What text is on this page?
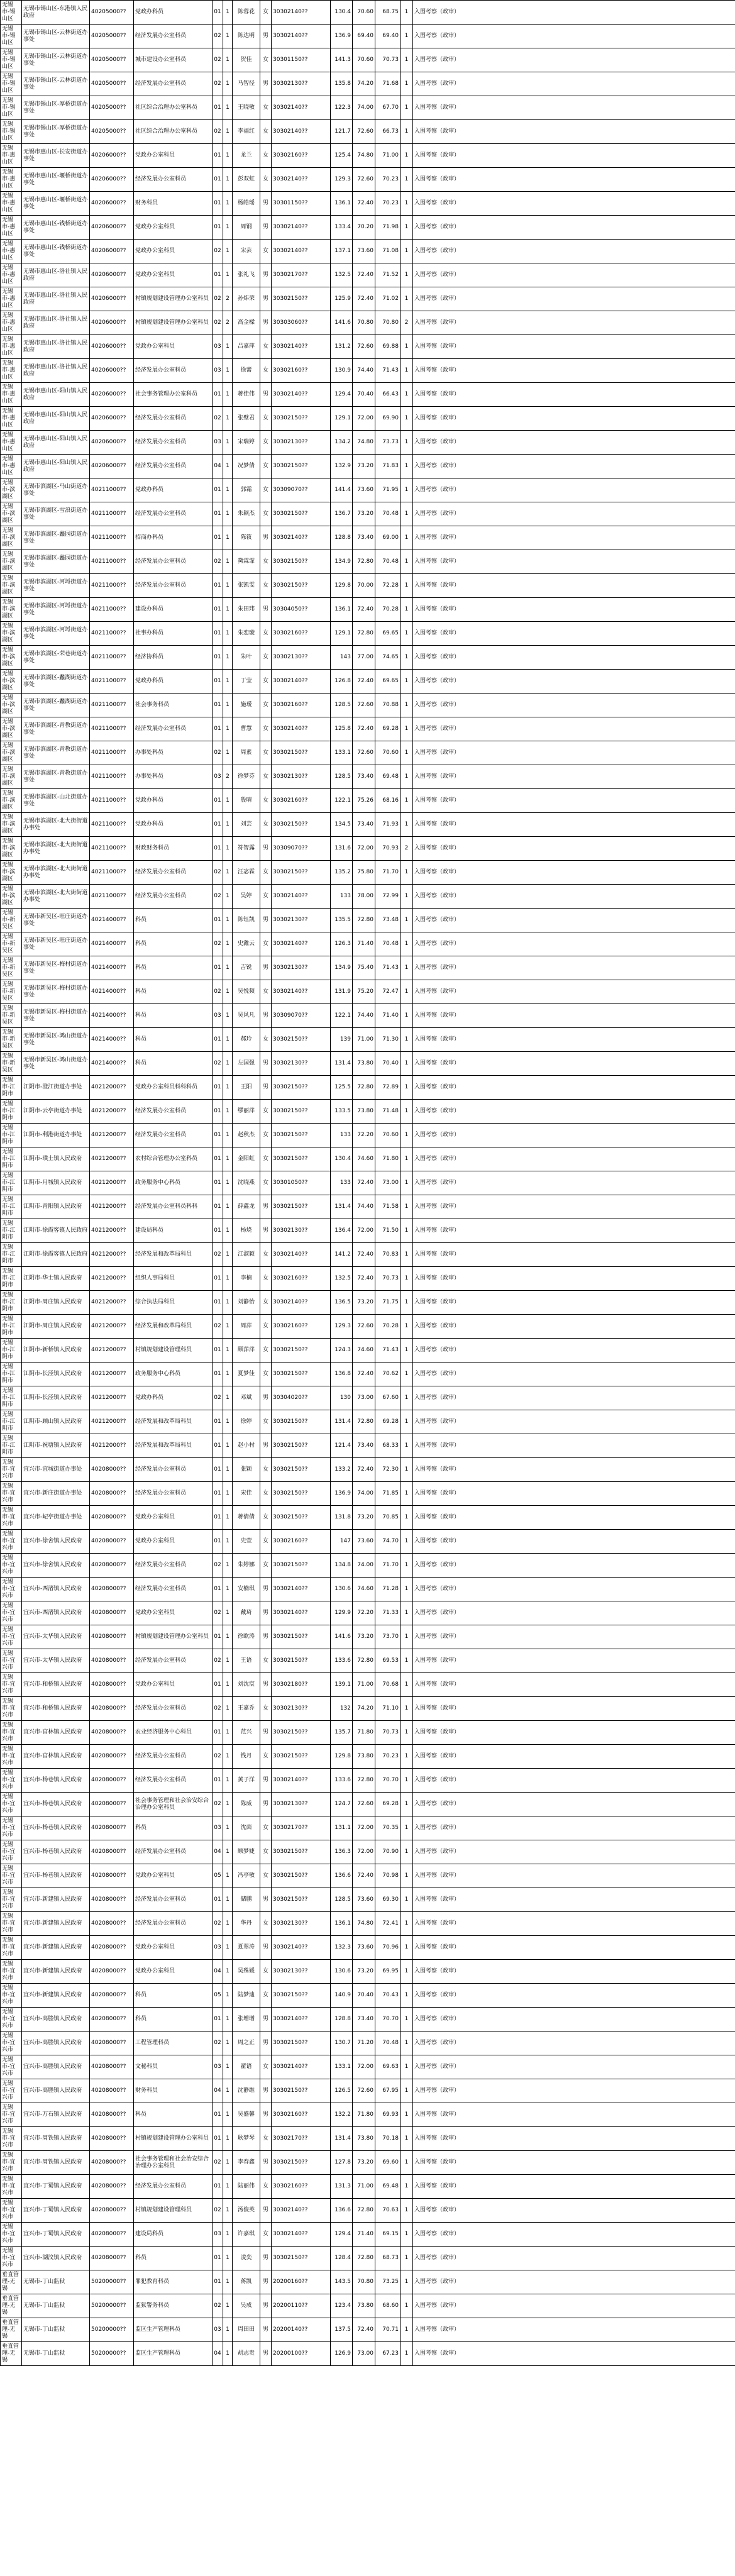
无锡市-锡山区	无锡市锡山区-东港镇人民政府	40205000??	党政办科员	01	1	陈蓉花	女	30302140??	130.4	70.60	68.75	1	入围考察（政审）
无锡市-锡山区	无锡市锡山区-云林街道办事处	40205000??	经济发展办公室科员	02	1	陈达明	男	30302140??	136.9	69.40	69.40	1	入围考察（政审）
无锡市-锡山区	无锡市锡山区-云林街道办事处	40205000??	城市建设办公室科员	02	1	贺佳	女	30301150??	141.3	70.60	70.73	1	入围考察（政审）
无锡市-锡山区	无锡市锡山区-云林街道办事处	40205000??	经济发展办公室科员	02	1	马智径	男	30302130??	135.8	74.20	71.68	1	入围考察（政审）
无锡市-锡山区	无锡市锡山区-厚桥街道办事处	40205000??	社区综合治理办公室科员	01	1	王晓敏	女	30302140??	122.3	74.00	67.70	1	入围考察（政审）
无锡市-锡山区	无锡市锡山区-厚桥街道办事处	40205000??	社区综合治理办公室科员	02	1	李福红	女	30302140??	121.7	72.60	66.73	1	入围考察（政审）
无锡市-惠山区	无锡市惠山区-长安街道办事处	40206000??	党政办公室科员	01	1	龙兰	女	30302160??	125.4	74.80	71.00	1	入围考察（政审）
无锡市-惠山区	无锡市惠山区-堰桥街道办事处	40206000??	经济发展办公室科员	01	1	彭双虹	女	30302140??	129.3	72.60	70.23	1	入围考察（政审）
无锡市-惠山区	无锡市惠山区-堰桥街道办事处	40206000??	财务科员	01	1	杨皓瑶	男	30301150??	136.1	72.40	70.23	1	入围考察（政审）
无锡市-惠山区	无锡市惠山区-钱桥街道办事处	40206000??	党政办公室科员	01	1	周钢	男	30302140??	133.4	70.20	71.98	1	入围考察（政审）
无锡市-惠山区	无锡市惠山区-钱桥街道办事处	40206000??	党政办公室科员	02	1	宋芸	女	30302140??	137.1	73.60	71.08	1	入围考察（政审）
无锡市-惠山区	无锡市惠山区-洛社镇人民政府	40206000??	党政办公室科员	01	1	张礼飞	男	30302170??	132.5	72.40	71.52	1	入围考察（政审）
无锡市-惠山区	无锡市惠山区-洛社镇人民政府	40206000??	村镇规划建设管理办公室科员	02	2	孙炜荣	男	30302150??	125.9	72.40	71.02	1	入围考察（政审）
无锡市-惠山区	无锡市惠山区-洛社镇人民政府	40206000??	村镇规划建设管理办公室科员	02	2	高金樑	男	30303060??	141.6	70.80	70.80	2	入围考察（政审）
无锡市-惠山区	无锡市惠山区-洛社镇人民政府	40206000??	党政办公室科员	03	1	吕嘉萍	女	30302140??	131.2	72.60	69.88	1	入围考察（政审）
无锡市-惠山区	无锡市惠山区-洛社镇人民政府	40206000??	经济发展办公室科员	03	1	徐薷	女	30302160??	130.9	74.40	71.43	1	入围考察（政审）
无锡市-惠山区	无锡市惠山区-阳山镇人民政府	40206000??	社会事务管理办公室科员	01	1	蒋佳伟	男	30302140??	129.4	70.40	66.43	1	入围考察（政审）
无锡市-惠山区	无锡市惠山区-阳山镇人民政府	40206000??	经济发展办公室科员	02	1	张壁君	女	30302150??	129.1	72.00	69.90	1	入围考察（政审）
无锡市-惠山区	无锡市惠山区-阳山镇人民政府	40206000??	经济发展办公室科员	03	1	宋瑞婷	女	30302130??	134.2	74.80	73.73	1	入围考察（政审）
无锡市-惠山区	无锡市惠山区-阳山镇人民政府	40206000??	经济发展办公室科员	04	1	况梦倩	女	30302150??	132.9	73.20	71.83	1	入围考察（政审）
无锡市-滨湖区	无锡市滨湖区-马山街道办事处	40211000??	党政办科员	01	1	郭霜	女	30309070??	141.4	73.60	71.95	1	入围考察（政审）
无锡市-滨湖区	无锡市滨湖区-雪浪街道办事处	40211000??	经济发展办公室科员	01	1	朱颖杰	女	30302150??	136.7	73.20	70.48	1	入围考察（政审）
无锡市-滨湖区	无锡市滨湖区-蠡园街道办事处	40211000??	招商办科员	01	1	陈筱	男	30302140??	128.8	73.40	69.00	1	入围考察（政审）
无锡市-滨湖区	无锡市滨湖区-蠡园街道办事处	40211000??	经济发展办公室科员	02	1	黛霖霏	女	30302150??	134.9	72.80	70.48	1	入围考察（政审）
无锡市-滨湖区	无锡市滨湖区-河埒街道办事处	40211000??	经济发展办公室科员	01	1	张凯雯	女	30302150??	129.8	70.00	72.28	1	入围考察（政审）
无锡市-滨湖区	无锡市滨湖区-河埒街道办事处	40211000??	建设办科员	01	1	朱田玮	男	30304050??	136.1	72.40	70.28	1	入围考察（政审）
无锡市-滨湖区	无锡市滨湖区-河埒街道办事处	40211000??	社事办科员	01	1	朱恋璇	女	30302160??	129.1	72.80	69.65	1	入围考察（政审）
无锡市-滨湖区	无锡市滨湖区-荣巷街道办事处	40211000??	经济协科员	01	1	朱叶	女	30302130??	143	77.00	74.65	1	入围考察（政审）
无锡市-滨湖区	无锡市滨湖区-蠡湖街道办事处	40211000??	党政办科员	01	1	丁莹	女	30302140??	126.8	72.40	69.65	1	入围考察（政审）
无锡市-滨湖区	无锡市滨湖区-蠡湖街道办事处	40211000??	社会事务科员	01	1	施瑷	女	30302160??	128.5	72.60	70.88	1	入围考察（政审）
无锡市-滨湖区	无锡市滨湖区-青教街道办事处	40211000??	经济发展办公室科员	01	1	曹慧	女	30302140??	125.8	72.40	69.28	1	入围考察（政审）
无锡市-滨湖区	无锡市滨湖区-青教街道办事处	40211000??	办事处科员	02	1	周素	女	30302150??	133.1	72.60	70.60	1	入围考察（政审）
无锡市-滨湖区	无锡市滨湖区-青教街道办事处	40211000??	办事处科员	03	2	徐梦芬	女	30302130??	128.5	73.40	69.48	1	入围考察（政审）
无锡市-滨湖区	无锡市滨湖区-山北街道办事处	40211000??	党政办科员	01	1	殷晴	女	30302160??	122.1	75.26	68.16	1	入围考察（政审）
无锡市-滨湖区	无锡市滨湖区-北大街街道办事处	40211000??	党政办科员	01	1	刘芸	女	30302150??	134.5	73.40	71.93	1	入围考察（政审）
无锡市-滨湖区	无锡市滨湖区-北大街街道办事处	40211000??	财政财务科员	01	1	符智露	男	30309070??	131.6	72.00	70.93	2	入围考察（政审）
无锡市-滨湖区	无锡市滨湖区-北大街街道办事处	40211000??	经济发展办公室科员	02	1	汪宓霖	女	30302150??	135.2	75.80	71.70	1	入围考察（政审）
无锡市-滨湖区	无锡市滨湖区-北大街街道办事处	40211000??	经济发展办公室科员	02	1	吴婷	女	30302140??	133	78.00	72.99	1	入围考察（政审）
无锡市-新吴区	无锡市新吴区-旺庄街道办事处	40214000??	科员	01	1	陈钰凯	男	30302130??	135.5	72.80	73.48	1	入围考察（政审）
无锡市-新吴区	无锡市新吴区-旺庄街道办事处	40214000??	科员	02	1	史潍云	女	30302140??	126.3	71.40	70.48	1	入围考察（政审）
无锡市-新吴区	无锡市新吴区-梅村街道办事处	40214000??	科员	01	1	吉锐	男	30302130??	134.9	75.40	71.43	1	入围考察（政审）
无锡市-新吴区	无锡市新吴区-梅村街道办事处	40214000??	科员	02	1	吴悦频	女	30302140??	131.9	75.20	72.47	1	入围考察（政审）
无锡市-新吴区	无锡市新吴区-梅村街道办事处	40214000??	科员	03	1	吴风凡	男	30309070??	122.1	74.40	71.40	1	入围考察（政审）
无锡市-新吴区	无锡市新吴区-鸿山街道办事处	40214000??	科员	01	1	郝玲	女	30302150??	139	71.00	71.30	1	入围考察（政审）
无锡市-新吴区	无锡市新吴区-鸿山街道办事处	40214000??	科员	02	1	左国强	男	30302130??	131.4	73.80	70.40	1	入围考察（政审）
无锡市-江阴市	江阴市-澄江街道办事处	40212000??	党政办公室科员科科科员	01	1	王阳	男	30302150??	125.5	72.80	72.89	1	入围考察（政审）
无锡市-江阴市	江阴市-云亭街道办事处	40212000??	经济发展办公室科员	01	1	缪丽萍	女	30302150??	133.5	73.80	71.48	1	入围考察（政审）
无锡市-江阴市	江阴市-利港街道办事处	40212000??	经济发展办公室科员	01	1	赵秋杰	女	30302150??	133	72.20	70.60	1	入围考察（政审）
无锡市-江阴市	江阴市-璜土镇人民政府	40212000??	农村综合管理办公室科员	01	1	金阳虹	女	30302150??	130.4	74.60	71.80	1	入围考察（政审）
无锡市-江阴市	江阴市-月城镇人民政府	40212000??	政务服务中心科员	01	1	沈晓燕	女	30301050??	133	72.40	73.00	1	入围考察（政审）
无锡市-江阴市	江阴市-青阳镇人民政府	40212000??	经济发展办公室科员科科	01	1	薛鑫龙	男	30302150??	131.4	74.40	71.58	1	入围考察（政审）
无锡市-江阴市	江阴市-徐霞客镇人民政府	40212000??	建设局科员	01	1	杨烧	男	30302130??	136.4	72.00	71.50	1	入围考察（政审）
无锡市-江阴市	江阴市-徐霞客镇人民政府	40212000??	经济发展和改革局科员	02	1	江淑颖	女	30302140??	141.2	72.40	70.83	1	入围考察（政审）
无锡市-江阴市	江阴市-华士镇人民政府	40212000??	组织人事局科员	01	1	李楠	女	30302160??	132.5	72.40	70.73	1	入围考察（政审）
无锡市-江阴市	江阴市-周庄镇人民政府	40212000??	综合执法局科员	01	1	刘静怡	女	30302140??	136.5	73.20	71.75	1	入围考察（政审）
无锡市-江阴市	江阴市-周庄镇人民政府	40212000??	经济发展和改革局科员	02	1	周萍	女	30302160??	129.3	72.60	70.28	1	入围考察（政审）
无锡市-江阴市	江阴市-新桥镇人民政府	40212000??	村镇规划建设管理科员	01	1	顾萍萍	女	30302150??	124.3	74.60	71.43	1	入围考察（政审）
无锡市-江阴市	江阴市-长泾镇人民政府	40212000??	政务服务中心科员	01	1	夏梦佳	女	30302150??	136.8	72.40	70.62	1	入围考察（政审）
无锡市-江阴市	江阴市-长泾镇人民政府	40212000??	党政办科员	02	1	邓斌	男	30304020??	130	73.00	67.60	1	入围考察（政审）
无锡市-江阴市	江阴市-顾山镇人民政府	40212000??	经济发展和改革局科员	01	1	徐婷	女	30302150??	131.4	72.80	69.28	1	入围考察（政审）
无锡市-江阴市	江阴市-祝塘镇人民政府	40212000??	经济发展和改革局科员	01	1	赵小村	男	30302150??	121.4	73.40	68.33	1	入围考察（政审）
无锡市-宜兴市	宜兴市-宜城街道办事处	40208000??	经济发展办公室科员	01	1	张颖	女	30302150??	133.2	72.40	72.30	1	入围考察（政审）
无锡市-宜兴市	宜兴市-新庄街道办事处	40208000??	经济发展办公室科员	01	1	宋佳	女	30302150??	136.9	74.00	71.85	1	入围考察（政审）
无锡市-宜兴市	宜兴市-屺亭街道办事处	40208000??	党政办公室科员	01	1	蒋倩倩	女	30302150??	131.8	73.20	70.85	1	入围考察（政审）
无锡市-宜兴市	宜兴市-徐舍镇人民政府	40208000??	党政办公室科员	01	1	史萱	女	30302160??	147	73.60	74.70	1	入围考察（政审）
无锡市-宜兴市	宜兴市-徐舍镇人民政府	40208000??	经济发展办公室科员	02	1	朱婷娜	女	30302150??	134.8	74.00	71.70	1	入围考察（政审）
无锡市-宜兴市	宜兴市-西渚镇人民政府	40208000??	经济发展办公室科员	01	1	安楠琪	男	30302140??	130.6	74.60	71.28	1	入围考察（政审）
无锡市-宜兴市	宜兴市-西渚镇人民政府	40208000??	党政办公室科员	02	1	戴琦	男	30302140??	129.9	72.20	71.33	1	入围考察（政审）
无锡市-宜兴市	宜兴市-太华镇人民政府	40208000??	村镇规划建设管理办公室科员	01	1	徐欧涛	男	30302150??	141.6	73.20	73.70	1	入围考察（政审）
无锡市-宜兴市	宜兴市-太华镇人民政府	40208000??	经济发展办公室科员	02	1	王语	女	30302150??	133.6	72.80	69.53	1	入围考察（政审）
无锡市-宜兴市	宜兴市-和桥镇人民政府	40208000??	党政办公室科员	01	1	刘沈宸	男	30302180??	139.1	71.00	70.68	1	入围考察（政审）
无锡市-宜兴市	宜兴市-和桥镇人民政府	40208000??	经济发展办公室科员	02	1	王嘉乔	女	30302130??	132	74.20	71.10	1	入围考察（政审）
无锡市-宜兴市	宜兴市-官林镇人民政府	40208000??	农业经济服务中心科员	01	1	范兴	男	30302150??	135.7	71.80	70.73	1	入围考察（政审）
无锡市-宜兴市	宜兴市-官林镇人民政府	40208000??	经济发展办公室科员	02	1	钱月	女	30302150??	129.8	73.80	70.23	1	入围考察（政审）
无锡市-宜兴市	宜兴市-杨巷镇人民政府	40208000??	经济发展办公室科员	01	1	黄子洋	男	30302140??	133.6	72.80	70.70	1	入围考察（政审）
无锡市-宜兴市	宜兴市-杨巷镇人民政府	40208000??	社会事务管理和社会治安综合治理办公室科员	02	1	陈威	男	30302130??	124.7	72.60	69.28	1	入围考察（政审）
无锡市-宜兴市	宜兴市-杨巷镇人民政府	40208000??	科员	03	1	沈茵	女	30302170??	131.1	72.00	70.35	1	入围考察（政审）
无锡市-宜兴市	宜兴市-杨巷镇人民政府	40208000??	经济发展办公室科员	04	1	顾梦婕	女	30302150??	136.3	72.00	70.90	1	入围考察（政审）
无锡市-宜兴市	宜兴市-杨巷镇人民政府	40208000??	党政办公室科员	05	1	冯亭敏	女	30302150??	136.6	72.40	70.98	1	入围考察（政审）
无锡市-宜兴市	宜兴市-新建镇人民政府	40208000??	经济发展办公室科员	01	1	储鹏	男	30302150??	128.5	73.60	69.30	1	入围考察（政审）
无锡市-宜兴市	宜兴市-新建镇人民政府	40208000??	经济发展办公室科员	02	1	华丹	女	30302130??	136.1	74.80	72.41	1	入围考察（政审）
无锡市-宜兴市	宜兴市-新建镇人民政府	40208000??	党政办公室科员	03	1	夏翠涛	男	30302140??	132.3	73.60	70.96	1	入围考察（政审）
无锡市-宜兴市	宜兴市-新建镇人民政府	40208000??	党政办公室科员	04	1	吴殊媛	女	30302130??	130.6	73.20	69.95	1	入围考察（政审）
无锡市-宜兴市	宜兴市-新建镇人民政府	40208000??	科员	05	1	陆梦迪	女	30302150??	140.9	70.40	70.43	1	入围考察（政审）
无锡市-宜兴市	宜兴市-高塍镇人民政府	40208000??	科员	01	1	张增增	男	30302140??	128.8	73.40	70.70	1	入围考察（政审）
无锡市-宜兴市	宜兴市-高塍镇人民政府	40208000??	工程管理科员	02	1	周之正	男	30302150??	130.7	71.20	70.48	1	入围考察（政审）
无锡市-宜兴市	宜兴市-高塍镇人民政府	40208000??	文秘科员	03	1	翟语	女	30302140??	133.1	72.00	69.63	1	入围考察（政审）
无锡市-宜兴市	宜兴市-高塍镇人民政府	40208000??	财务科员	04	1	沈静维	男	30302150??	126.5	72.60	67.95	1	入围考察（政审）
无锡市-宜兴市	宜兴市-万石镇人民政府	40208000??	科员	01	1	吴盛馨	男	30302160??	132.2	71.80	69.93	1	入围考察（政审）
无锡市-宜兴市	宜兴市-周铁镇人民政府	40208000??	村镇规划建设管理办公室科员	01	1	耿梦琴	女	30302170??	131.4	73.80	70.18	1	入围考察（政审）
无锡市-宜兴市	宜兴市-周铁镇人民政府	40208000??	社会事务管理和社会治安综合治理办公室科员	02	1	李春鑫	男	30302150??	127.8	73.20	69.60	1	入围考察（政审）
无锡市-宜兴市	宜兴市-丁蜀镇人民政府	40208000??	经济发展办公室科员	01	1	陆丽伟	女	30302160??	131.3	71.00	69.48	1	入围考察（政审）
无锡市-宜兴市	宜兴市-丁蜀镇人民政府	40208000??	村镇规划建设管理科员	02	1	汤俊英	男	30302140??	136.6	72.80	70.63	1	入围考察（政审）
无锡市-宜兴市	宜兴市-丁蜀镇人民政府	40208000??	建设局科员	03	1	许嘉琪	女	30302140??	129.4	71.40	69.15	1	入围考察（政审）
无锡市-宜兴市	宜兴市-湖汶镇人民政府	40208000??	科员	01	1	凌奕	男	30302150??	128.4	72.80	68.73	1	入围考察（政审）
垂直管理-无锡	无锡市-丁山监狱	50200000??	罪犯教育科员	01	1	蒋凯	男	20200160??	143.5	70.80	73.25	1	入围考察（政审）
垂直管理-无锡	无锡市-丁山监狱	50200000??	监狱警务科员	02	1	吴成	男	20200110??	123.4	73.80	68.60	1	入围考察（政审）
垂直管理-无锡	无锡市-丁山监狱	50200000??	监区生产管理科员	03	1	周田田	男	20200140??	137.5	72.40	70.71	1	入围考察（政审）
垂直管理-无锡	无锡市-丁山监狱	50200000??	监区生产管理科员	04	1	胡志贵	男	20200100??	126.9	73.00	67.23	1	入围考察（政审）
